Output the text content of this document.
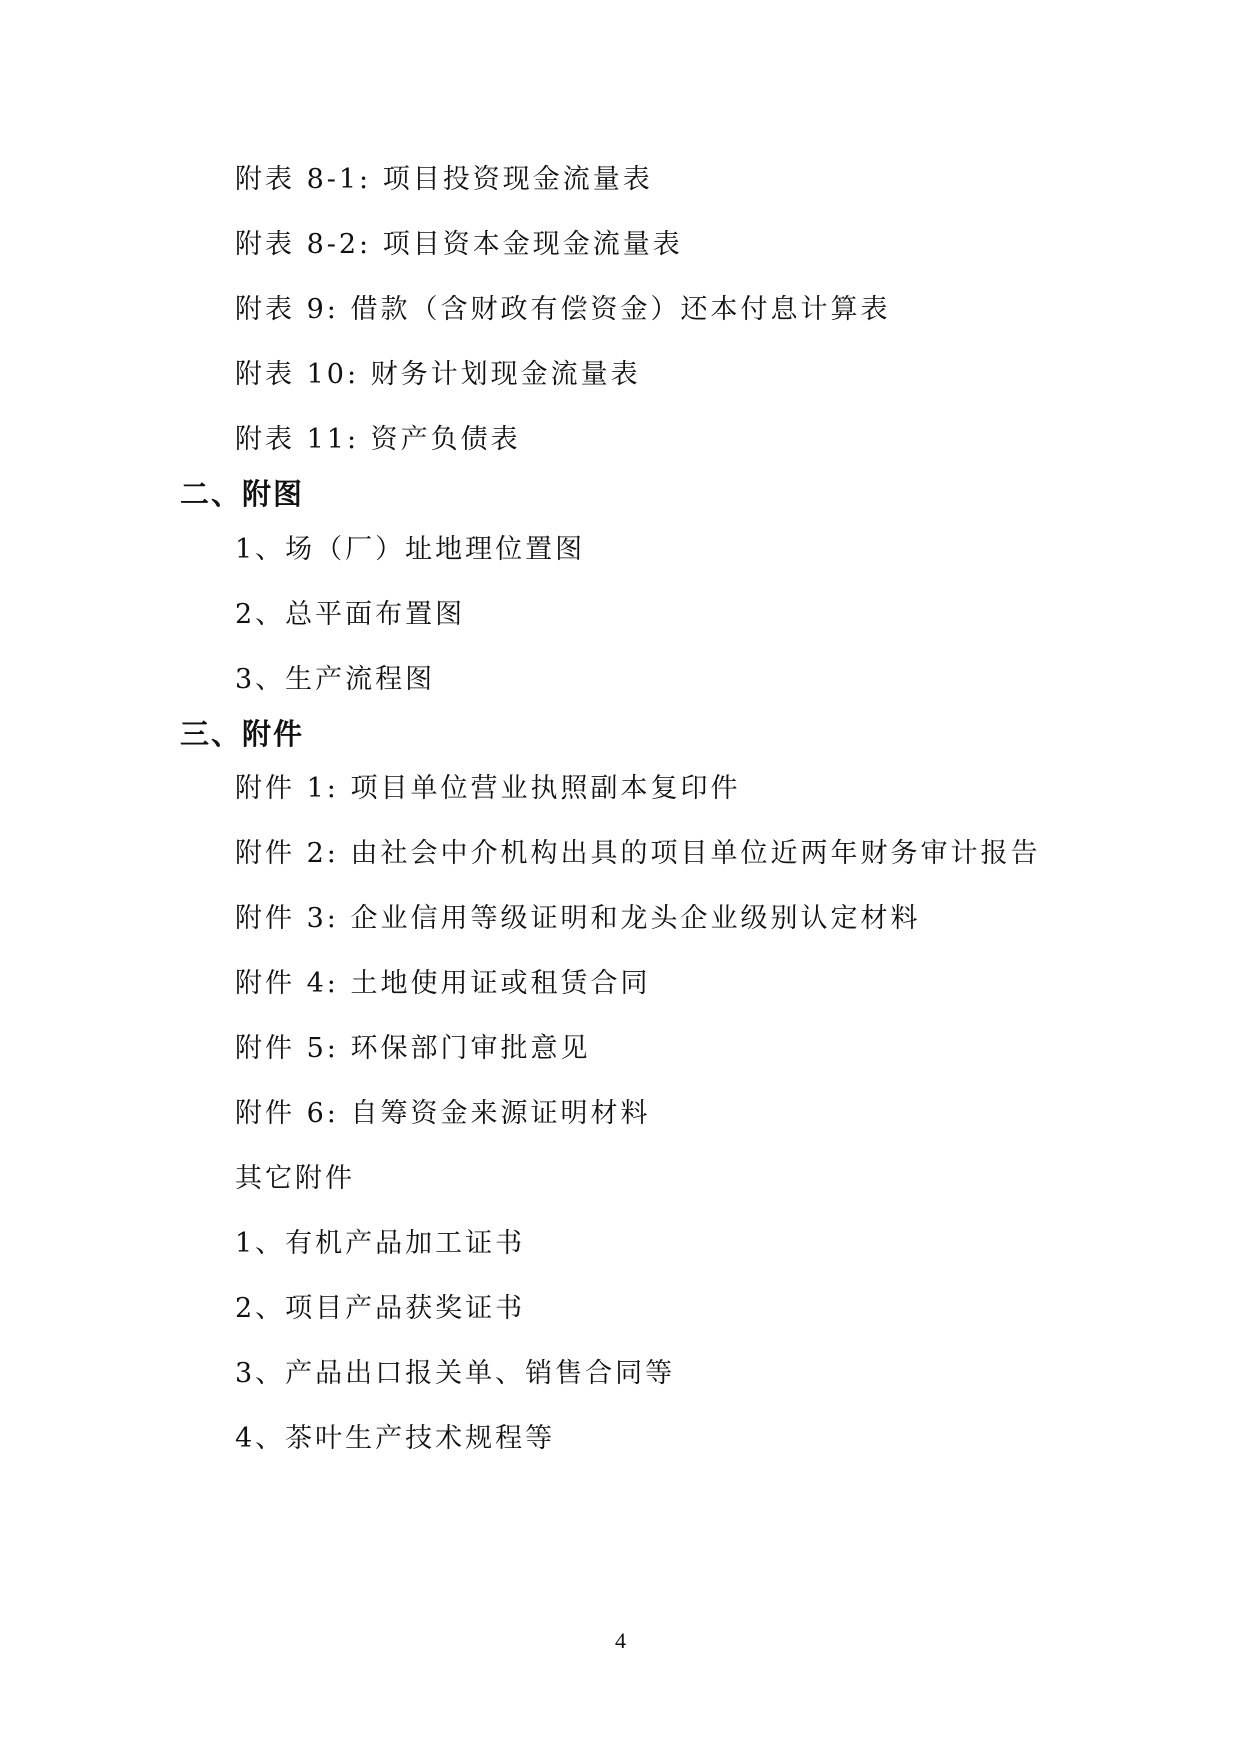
附表 8-1: 项目投资现金流量表
附表 8-2: 项目资本金现金流量表
附表 9: 借款（含财政有偿资金）还本付息计算表
附表 10: 财务计划现金流量表
附表 11: 资产负债表
二、附图
1、场（厂）址地理位置图
2、总平面布置图
3、生产流程图
三、附件
附件 1: 项目单位营业执照副本复印件
附件 2: 由社会中介机构出具的项目单位近两年财务审计报告
附件 3: 企业信用等级证明和龙头企业级别认定材料
附件 4: 土地使用证或租赁合同
附件 5: 环保部门审批意见
附件 6: 自筹资金来源证明材料
其它附件
1、有机产品加工证书
2、项目产品获奖证书
3、产品出口报关单、销售合同等
4、茶叶生产技术规程等
4
